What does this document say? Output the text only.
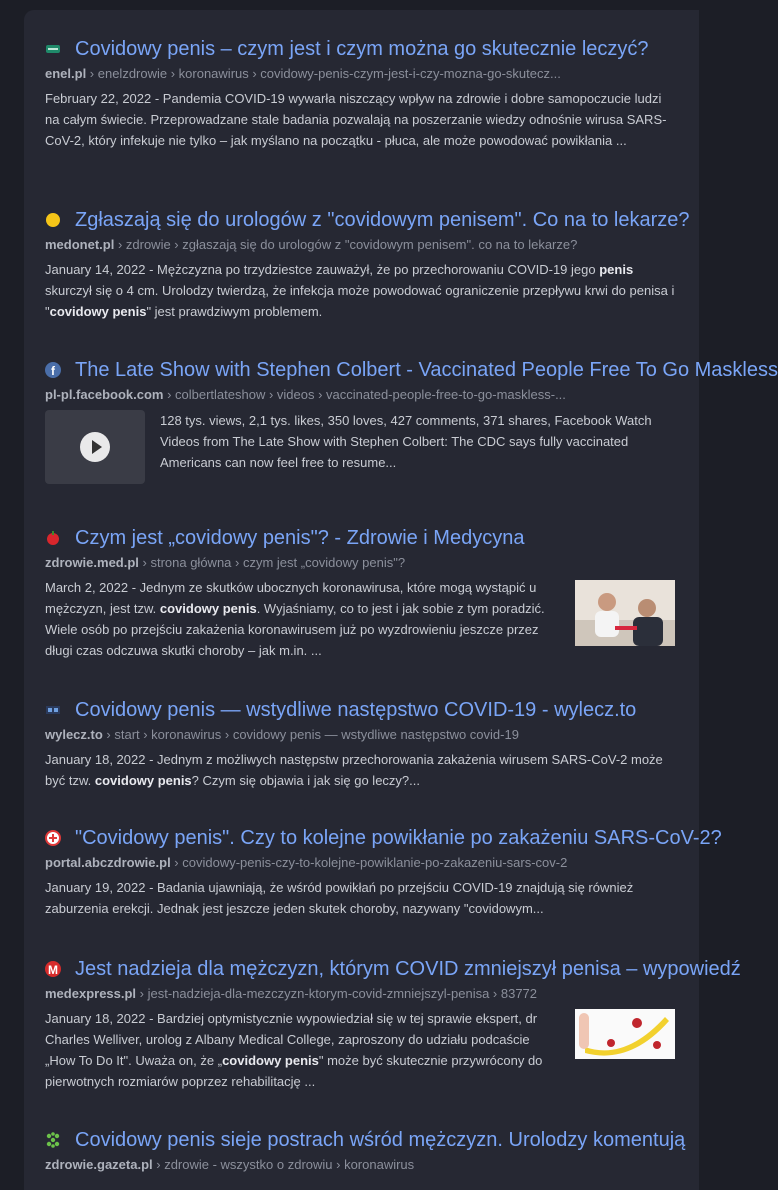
Covidowy penis – czym jest i czym można go skutecznie leczyć?
enel.pl › enelzdrowie › koronawirus › covidowy-penis-czym-jest-i-czy-mozna-go-skutecz...
February 22, 2022 - Pandemia COVID-19 wywarła niszczący wpływ na zdrowie i dobre samopoczucie ludzi na całym świecie. Przeprowadzane stale badania pozwalają na poszerzanie wiedzy odnośnie wirusa SARS-CoV-2, który infekuje nie tylko – jak myślano na początku - płuca, ale może powodować powikłania ...
Zgłaszają się do urologów z "covidowym penisem". Co na to lekarze?
medonet.pl › zdrowie › zgłaszają się do urologów z "covidowym penisem". co na to lekarze?
January 14, 2022 - Mężczyzna po trzydziestce zauważył, że po przechorowaniu COVID-19 jego penis skurczył się o 4 cm. Urolodzy twierdzą, że infekcja może powodować ograniczenie przepływu krwi do penisa i "covidowy penis" jest prawdziwym problemem.
f The Late Show with Stephen Colbert - Vaccinated People Free To Go Maskless
pl-pl.facebook.com › colbertlateshow › videos › vaccinated-people-free-to-go-maskless-...
128 tys. views, 2,1 tys. likes, 350 loves, 427 comments, 371 shares, Facebook Watch Videos from The Late Show with Stephen Colbert: The CDC says fully vaccinated Americans can now feel free to resume...
Czym jest „covidowy penis"? - Zdrowie i Medycyna
zdrowie.med.pl › strona główna › czym jest „covidowy penis"?
March 2, 2022 - Jednym ze skutków ubocznych koronawirusa, które mogą wystąpić u mężczyzn, jest tzw. covidowy penis. Wyjaśniamy, co to jest i jak sobie z tym poradzić. Wiele osób po przejściu zakażenia koronawirusem już po wyzdrowieniu jeszcze przez długi czas odczuwa skutki choroby – jak m.in. ...
Covidowy penis — wstydliwe następstwo COVID-19 - wylecz.to
wylecz.to › start › koronawirus › covidowy penis — wstydliwe następstwo covid-19
January 18, 2022 - Jednym z możliwych następstw przechorowania zakażenia wirusem SARS-CoV-2 może być tzw. covidowy penis? Czym się objawia i jak się go leczy?...
"Covidowy penis". Czy to kolejne powikłanie po zakażeniu SARS-CoV-2?
portal.abczdrowie.pl › covidowy-penis-czy-to-kolejne-powiklanie-po-zakazeniu-sars-cov-2
January 19, 2022 - Badania ujawniają, że wśród powikłań po przejściu COVID-19 znajdują się również zaburzenia erekcji. Jednak jest jeszcze jeden skutek choroby, nazywany "covidowym...
M Jest nadzieja dla mężczyzn, którym COVID zmniejszył penisa – wypowiedź
medexpress.pl › jest-nadzieja-dla-mezczyzn-ktorym-covid-zmniejszyl-penisa › 83772
January 18, 2022 - Bardziej optymistycznie wypowiedział się w tej sprawie ekspert, dr Charles Welliver, urolog z Albany Medical College, zaproszony do udziału podcaście „How To Do It". Uważa on, że „covidowy penis" może być skutecznie przywrócony do pierwotnych rozmiarów poprzez rehabilitację ...
Covidowy penis sieje postrach wśród mężczyzn. Urolodzy komentują
zdrowie.gazeta.pl › zdrowie - wszystko o zdrowiu › koronawirus
